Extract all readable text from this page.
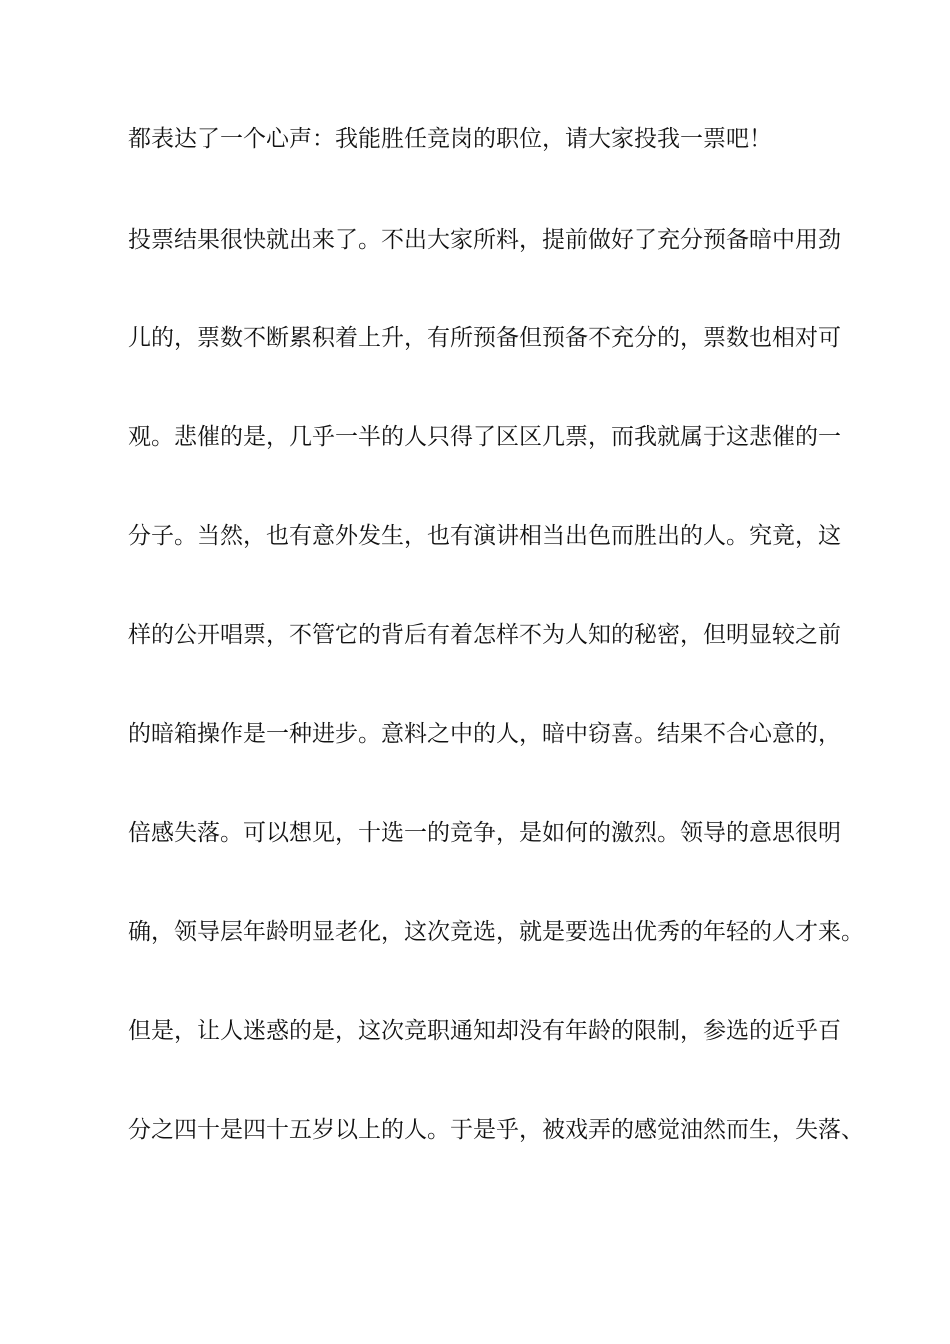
都表达了一个心声：我能胜任竞岗的职位，请大家投我一票吧！

投票结果很快就出来了。不出大家所料，提前做好了充分预备暗中用劲

儿的，票数不断累积着上升，有所预备但预备不充分的，票数也相对可

观。悲催的是，几乎一半的人只得了区区几票，而我就属于这悲催的一

分子。当然，也有意外发生，也有演讲相当出色而胜出的人。究竟，这

样的公开唱票，不管它的背后有着怎样不为人知的秘密，但明显较之前

的暗箱操作是一种进步。意料之中的人，暗中窃喜。结果不合心意的，

倍感失落。可以想见，十选一的竞争，是如何的激烈。领导的意思很明

确，领导层年龄明显老化，这次竞选，就是要选出优秀的年轻的人才来。

但是，让人迷惑的是，这次竞职通知却没有年龄的限制，参选的近乎百

分之四十是四十五岁以上的人。于是乎，被戏弄的感觉油然而生，失落、
